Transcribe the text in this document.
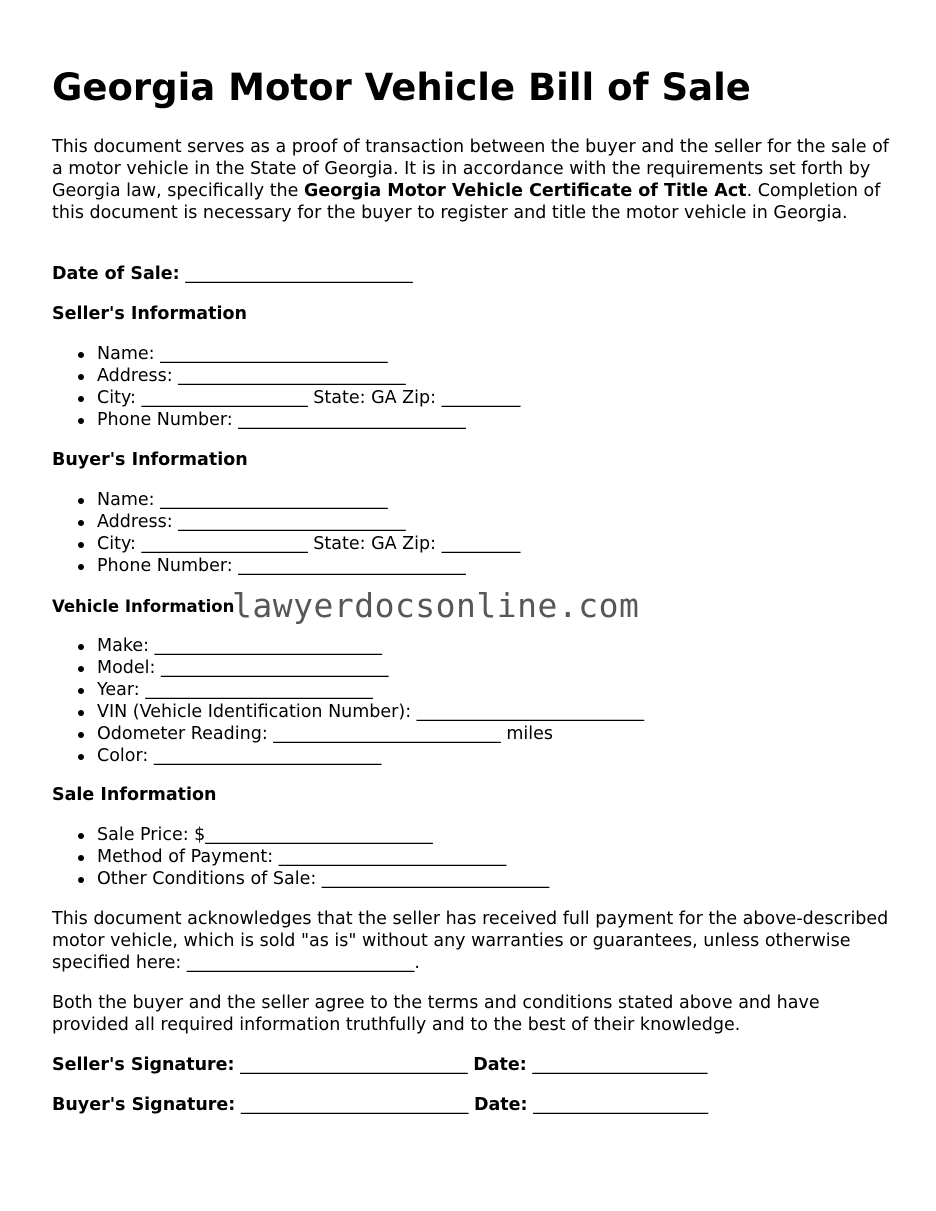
Georgia Motor Vehicle Bill of Sale

This document serves as a proof of transaction between the buyer and the seller for the sale of a motor vehicle in the State of Georgia. It is in accordance with the requirements set forth by Georgia law, specifically the Georgia Motor Vehicle Certificate of Title Act. Completion of this document is necessary for the buyer to register and title the motor vehicle in Georgia.

Date of Sale: __________________________

Seller's Information

Name: __________________________
Address: __________________________
City: ___________________ State: GA Zip: _________
Phone Number: __________________________

Buyer's Information

Name: __________________________
Address: __________________________
City: ___________________ State: GA Zip: _________
Phone Number: __________________________

Vehicle Information

Make: __________________________
Model: __________________________
Year: __________________________
VIN (Vehicle Identification Number): __________________________
Odometer Reading: __________________________ miles
Color: __________________________

Sale Information

Sale Price: $__________________________
Method of Payment: __________________________
Other Conditions of Sale: __________________________

This document acknowledges that the seller has received full payment for the above-described motor vehicle, which is sold "as is" without any warranties or guarantees, unless otherwise specified here: __________________________.

Both the buyer and the seller agree to the terms and conditions stated above and have provided all required information truthfully and to the best of their knowledge.

Seller's Signature: __________________________ Date: ____________________

Buyer's Signature: __________________________ Date: ____________________

lawyerdocsonline.com
